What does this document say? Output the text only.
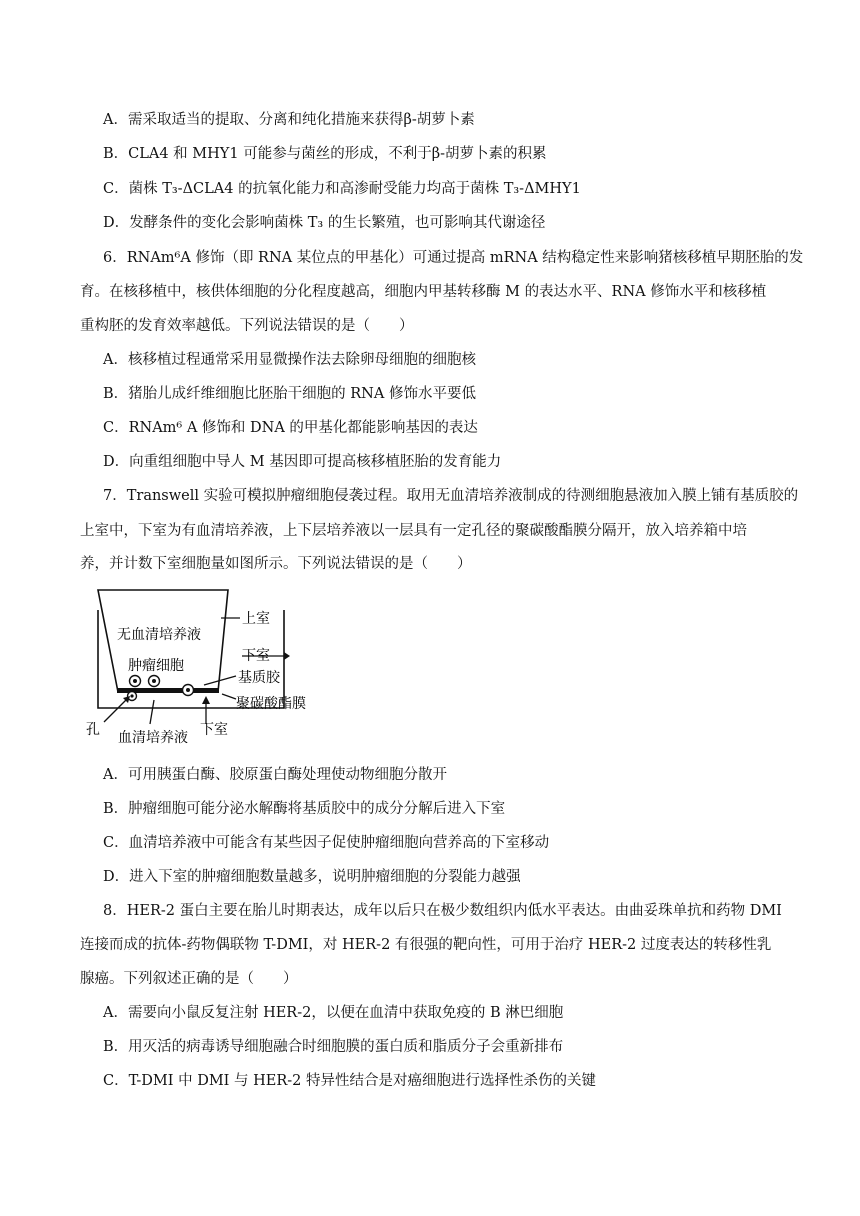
A．需采取适当的提取、分离和纯化措施来获得β-胡萝卜素
B．CLA4 和 MHY1 可能参与菌丝的形成，不利于β-胡萝卜素的积累
C．菌株 T₃-ΔCLA4 的抗氧化能力和高渗耐受能力均高于菌株 T₃-ΔMHY1
D．发酵条件的变化会影响菌株 T₃ 的生长繁殖，也可影响其代谢途径
6．RNAm⁶A 修饰（即 RNA 某位点的甲基化）可通过提高 mRNA 结构稳定性来影响猪核移植早期胚胎的发
育。在核移植中，核供体细胞的分化程度越高，细胞内甲基转移酶 M 的表达水平、RNA 修饰水平和核移植
重构胚的发育效率越低。下列说法错误的是（　　）
A．核移植过程通常采用显微操作法去除卵母细胞的细胞核
B．猪胎儿成纤维细胞比胚胎干细胞的 RNA 修饰水平要低
C．RNAm⁶ A 修饰和 DNA 的甲基化都能影响基因的表达
D．向重组细胞中导人 M 基因即可提高核移植胚胎的发育能力
7．Transwell 实验可模拟肿瘤细胞侵袭过程。取用无血清培养液制成的待测细胞悬液加入膜上铺有基质胶的
上室中，下室为有血清培养液，上下层培养液以一层具有一定孔径的聚碳酸酯膜分隔开，放入培养箱中培
养，并计数下室细胞量如图所示。下列说法错误的是（　　）
无血清培养液
肿瘤细胞
上室
下室
基质胶
聚碳酸酯膜
孔	下室
血清培养液
A．可用胰蛋白酶、胶原蛋白酶处理使动物细胞分散开
B．肿瘤细胞可能分泌水解酶将基质胶中的成分分解后进入下室
C．血清培养液中可能含有某些因子促使肿瘤细胞向营养高的下室移动
D．进入下室的肿瘤细胞数量越多，说明肿瘤细胞的分裂能力越强
8．HER-2 蛋白主要在胎儿时期表达，成年以后只在极少数组织内低水平表达。由曲妥珠单抗和药物 DMI
连接而成的抗体-药物偶联物 T-DMI，对 HER-2 有很强的靶向性，可用于治疗 HER-2 过度表达的转移性乳
腺癌。下列叙述正确的是（　　）
A．需要向小鼠反复注射 HER-2，以便在血清中获取免疫的 B 淋巴细胞
B．用灭活的病毒诱导细胞融合时细胞膜的蛋白质和脂质分子会重新排布
C．T-DMI 中 DMI 与 HER-2 特异性结合是对癌细胞进行选择性杀伤的关键
